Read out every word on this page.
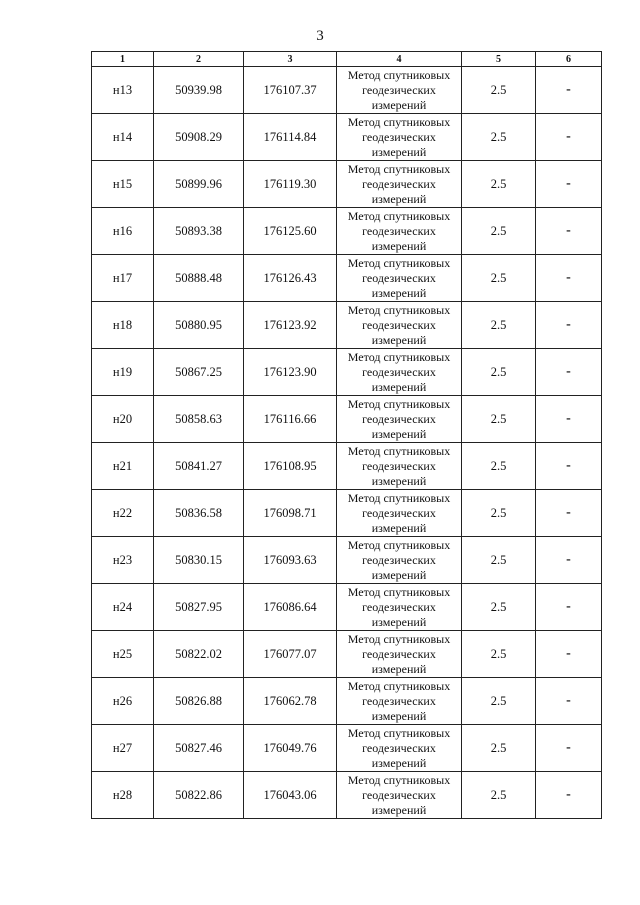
3
1	2	3	4	5	6
н13	50939.98	176107.37	Метод спутниковых
геодезических
измерений	2.5	-
н14	50908.29	176114.84	Метод спутниковых
геодезических
измерений	2.5	-
н15	50899.96	176119.30	Метод спутниковых
геодезических
измерений	2.5	-
н16	50893.38	176125.60	Метод спутниковых
геодезических
измерений	2.5	-
н17	50888.48	176126.43	Метод спутниковых
геодезических
измерений	2.5	-
н18	50880.95	176123.92	Метод спутниковых
геодезических
измерений	2.5	-
н19	50867.25	176123.90	Метод спутниковых
геодезических
измерений	2.5	-
н20	50858.63	176116.66	Метод спутниковых
геодезических
измерений	2.5	-
н21	50841.27	176108.95	Метод спутниковых
геодезических
измерений	2.5	-
н22	50836.58	176098.71	Метод спутниковых
геодезических
измерений	2.5	-
н23	50830.15	176093.63	Метод спутниковых
геодезических
измерений	2.5	-
н24	50827.95	176086.64	Метод спутниковых
геодезических
измерений	2.5	-
н25	50822.02	176077.07	Метод спутниковых
геодезических
измерений	2.5	-
н26	50826.88	176062.78	Метод спутниковых
геодезических
измерений	2.5	-
н27	50827.46	176049.76	Метод спутниковых
геодезических
измерений	2.5	-
н28	50822.86	176043.06	Метод спутниковых
геодезических
измерений	2.5	-
